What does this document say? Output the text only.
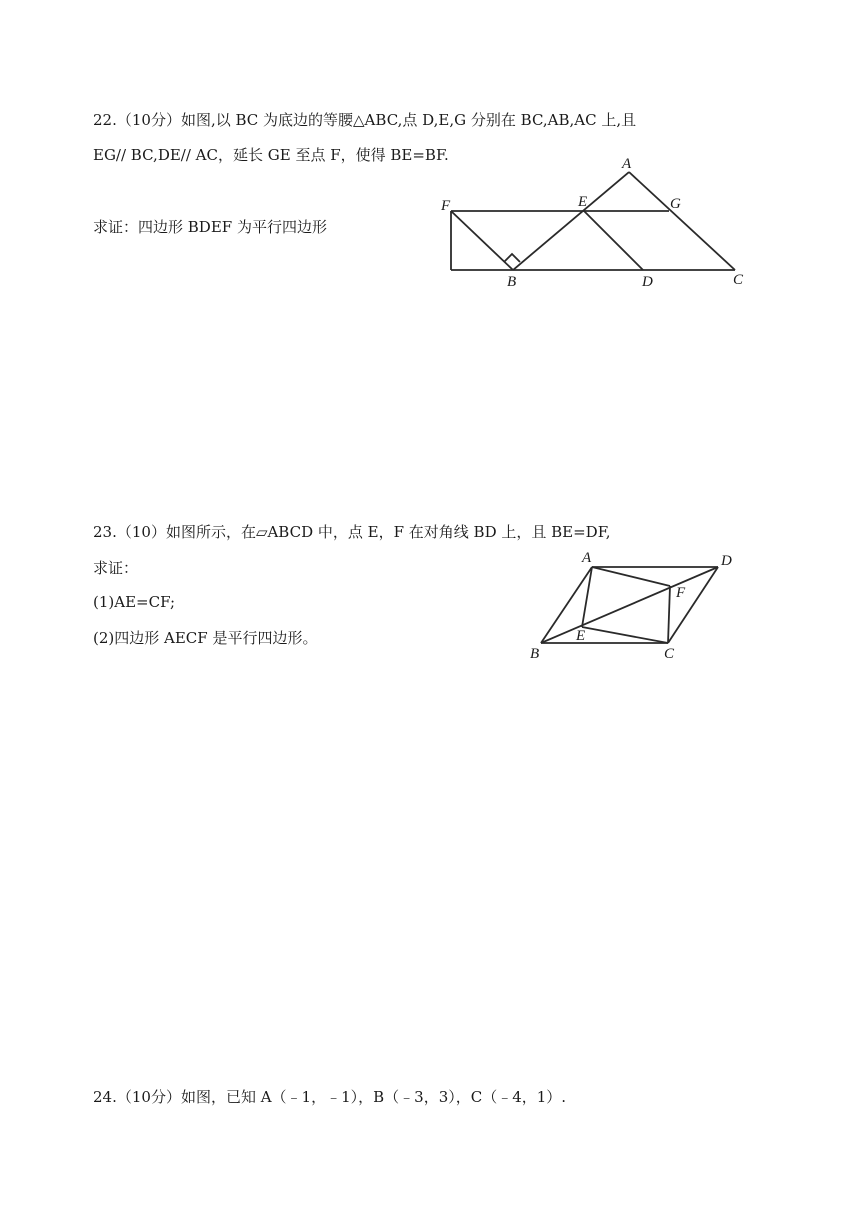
22.（10分）如图,以 BC 为底边的等腰△ABC,点 D,E,G 分别在 BC,AB,AC 上,且
EG// BC,DE// AC，延长 GE 至点 F，使得 BE=BF.
求证：四边形 BDEF 为平行四边形
A
E	G
F
B	D	C
23.（10）如图所示，在▱ABCD 中，点 E，F 在对角线 BD 上，且 BE=DF,
求证：
(1)AE=CF;
(2)四边形 AECF 是平行四边形。
A	D
F
E
B	C
24.（10分）如图，已知 A（﹣1，﹣1），B（﹣3，3），C（﹣4，1）.
